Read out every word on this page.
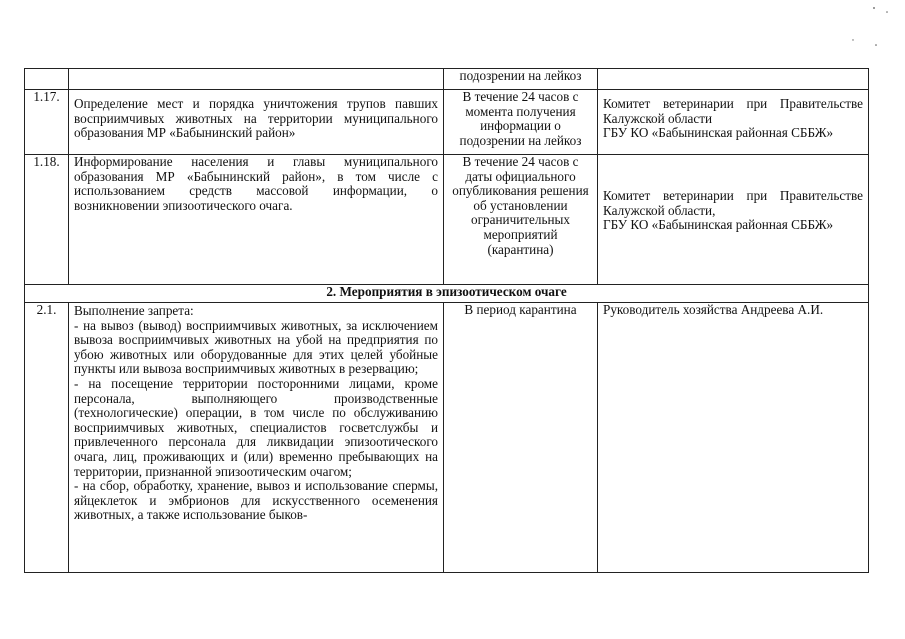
		подозрении на лейкоз	
1.17.	Определение мест и порядка уничтожения трупов павших восприимчивых животных на территории муниципального образования МР «Бабынинский район»	В течение 24 часов с момента получения информации о подозрении на лейкоз	Комитет ветеринарии при Правительстве
Калужской области
ГБУ КО «Бабынинская районная СББЖ»

1.18.	Информирование населения и главы муниципального образования МР «Бабынинский район», в том числе с использованием средств массовой информации, о возникновении эпизоотического очага.	В течение 24 часов с даты официального опубликования решения об установлении ограничительных мероприятий (карантина)	Комитет ветеринарии при Правительстве
Калужской области,
ГБУ КО «Бабынинская районная СББЖ»

2. Мероприятия в эпизоотическом очаге			
2.1.	Выполнение запрета:
- на вывоз (вывод) восприимчивых животных, за исключением вывоза восприимчивых животных на убой на предприятия по убою животных или оборудованные для этих целей убойные пункты или вывоза восприимчивых животных в резервацию;
- на посещение территории посторонними лицами, кроме персонала, выполняющего производственные (технологические) операции, в том числе по обслуживанию восприимчивых животных, специалистов госветслужбы и привлеченного персонала для ликвидации эпизоотического очага, лиц, проживающих и (или) временно пребывающих на территории, признанной эпизоотическим очагом;
- на сбор, обработку, хранение, вывоз и использование спермы, яйцеклеток и эмбрионов для искусственного осеменения животных, а также использование быков-	В период карантина	Руководитель хозяйства Андреева А.И.
